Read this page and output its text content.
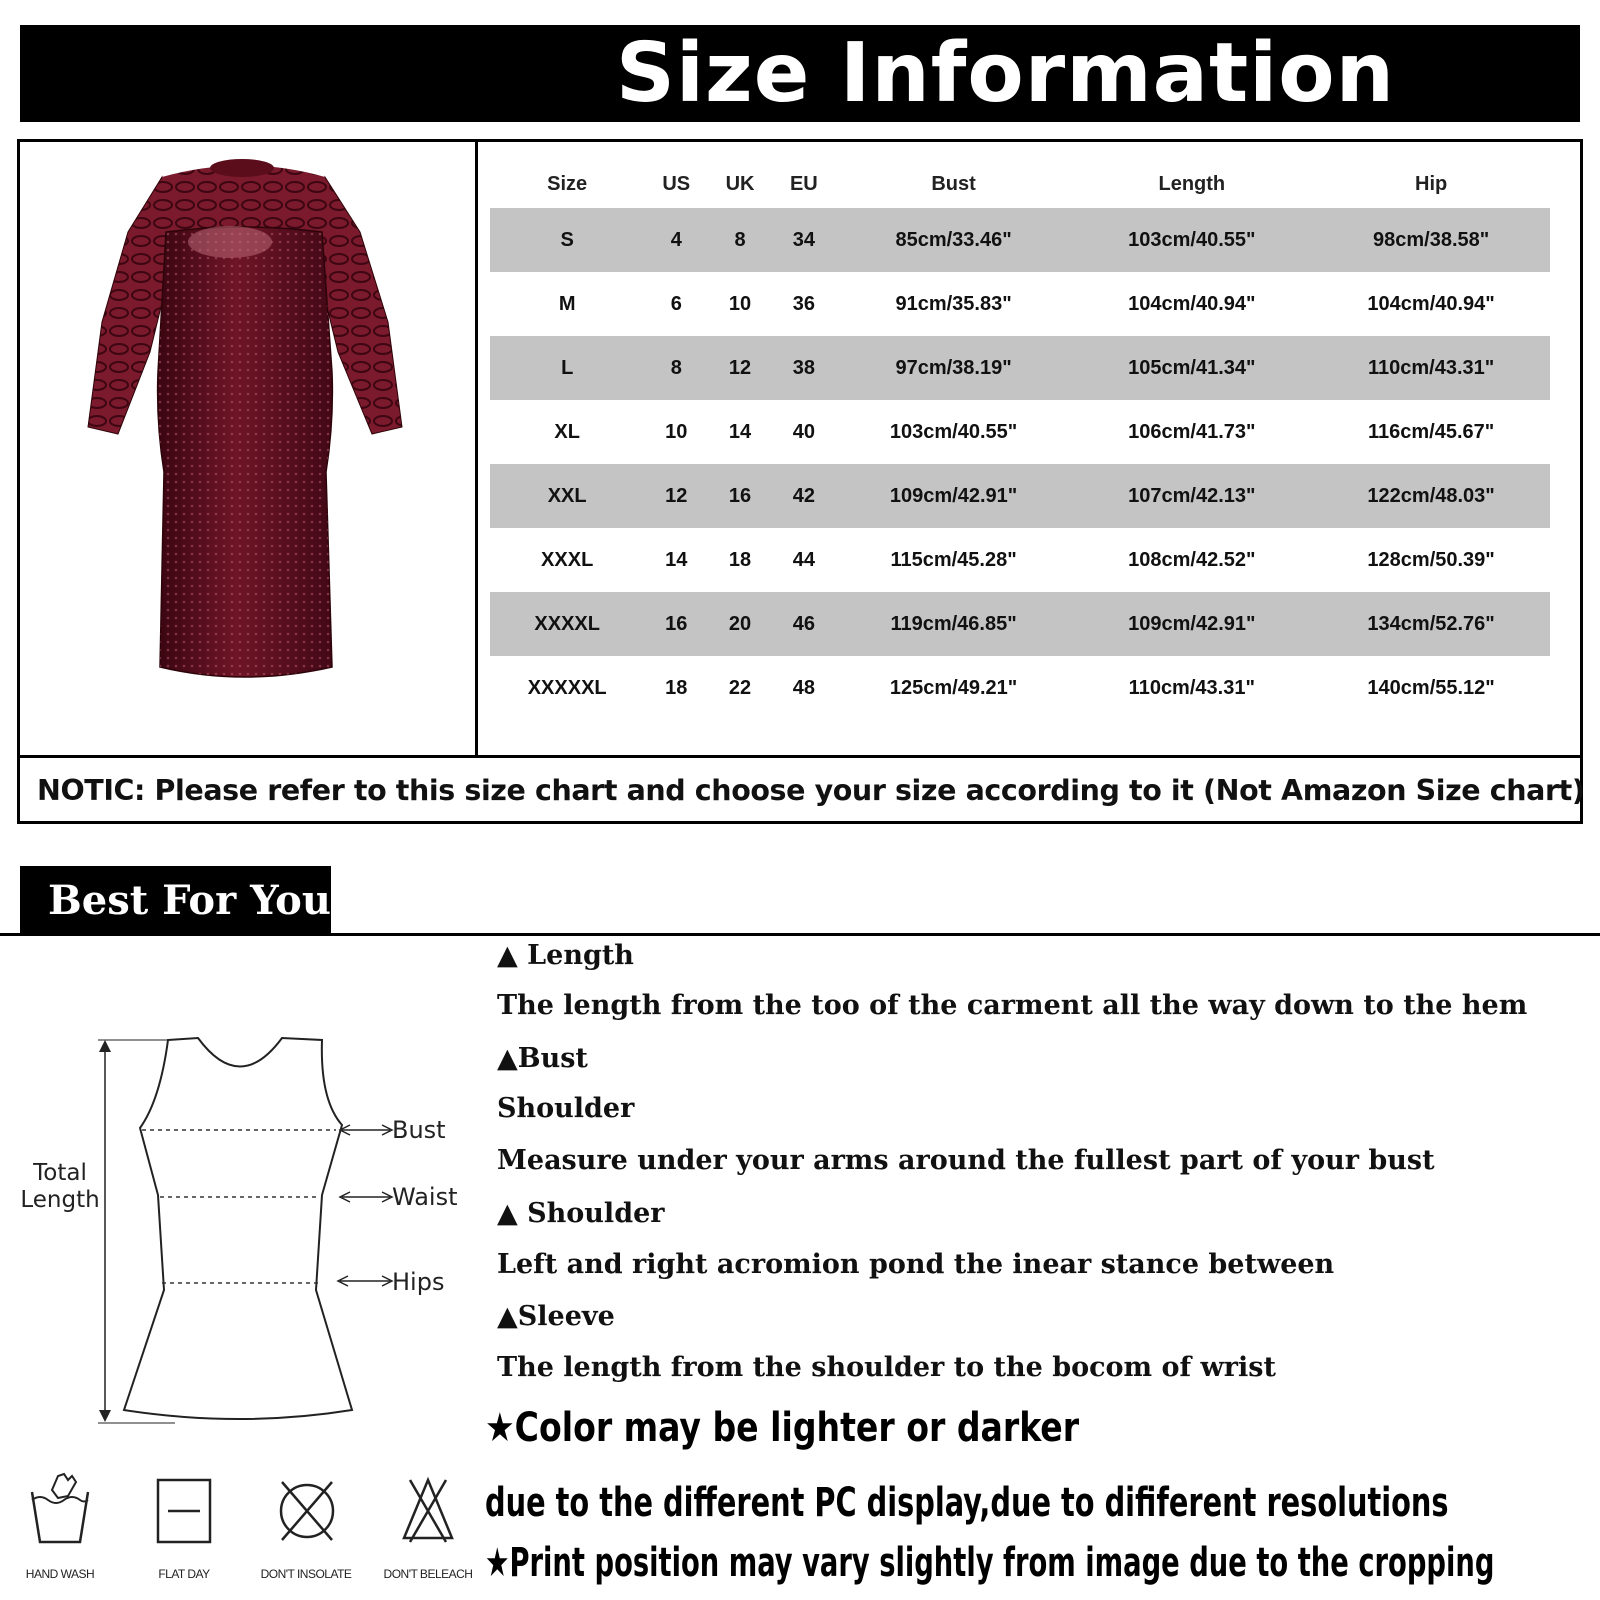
Size Information

NOTIC: Please refer to this size chart and choose your size according to it (Not Amazon Size chart)

Size	US	UK	EU	Bust	Length	Hip
S	4	8	34	85cm/33.46"	103cm/40.55"	98cm/38.58"
M	6	10	36	91cm/35.83"	104cm/40.94"	104cm/40.94"
L	8	12	38	97cm/38.19"	105cm/41.34"	110cm/43.31"
XL	10	14	40	103cm/40.55"	106cm/41.73"	116cm/45.67"
XXL	12	16	42	109cm/42.91"	107cm/42.13"	122cm/48.03"
XXXL	14	18	44	115cm/45.28"	108cm/42.52"	128cm/50.39"
XXXXL	16	20	46	119cm/46.85"	109cm/42.91"	134cm/52.76"
XXXXXL	18	22	48	125cm/49.21"	110cm/43.31"	140cm/55.12"
Best For You
Total
Length
Bust
Waist
Hips
HAND WASH	FLAT DAY	DON'T INSOLATE	DON'T BELEACH

▲ Length

The length from the too of the carment all the way down to the hem

▲Bust

Shoulder

Measure under your arms around the fullest part of your bust

▲ Shoulder

Left and right acromion pond the inear stance between

▲Sleeve

The length from the shoulder to the bocom of wrist

★Color may be lighter or darker
due to the different PC display,due to dififerent resolutions
★Print position may vary slightly from image due to the cropping
